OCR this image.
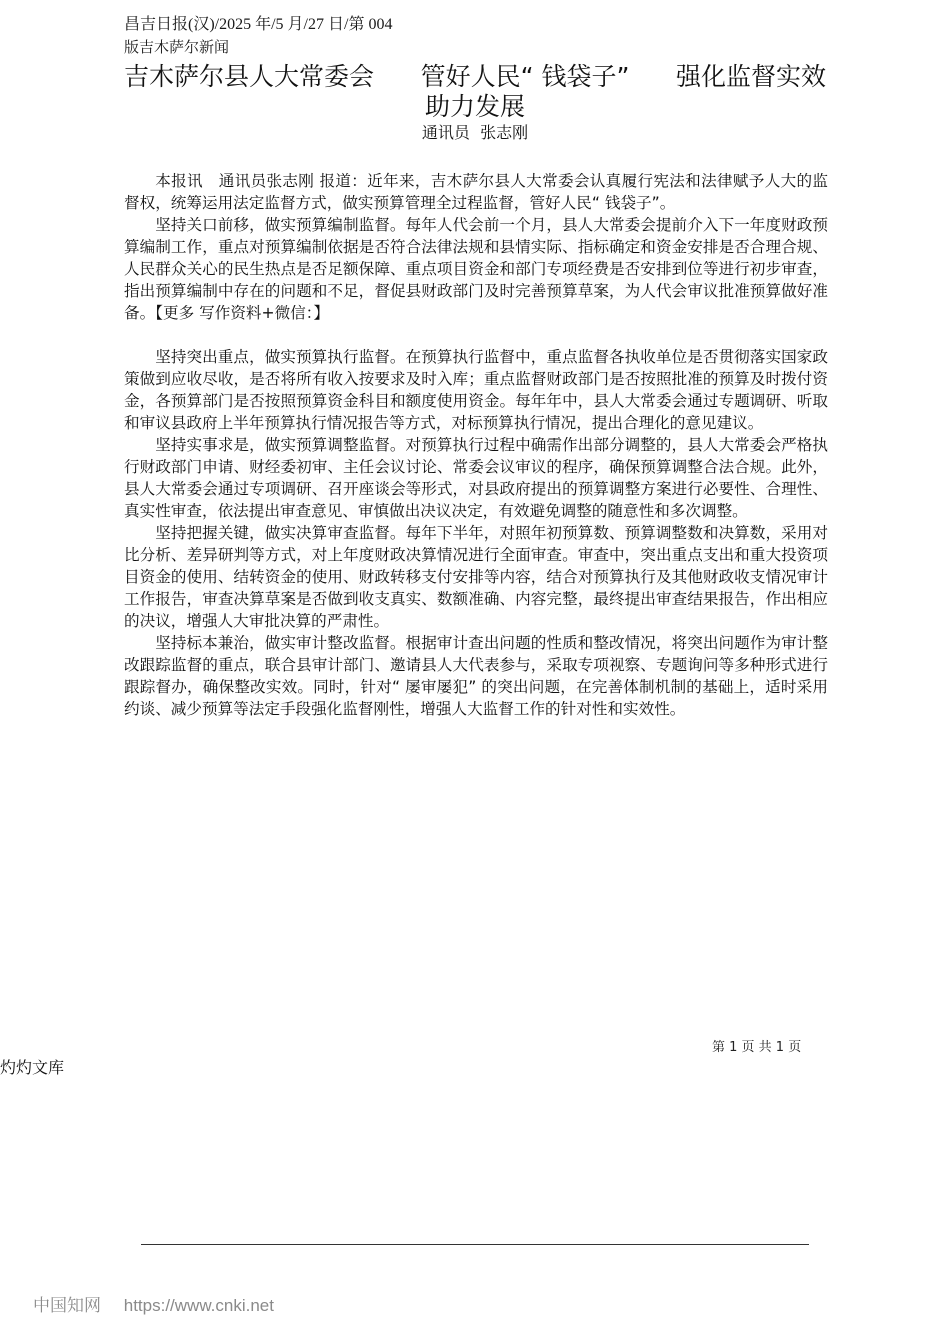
昌吉日报(汉)/2025 年/5 月/27 日/第 004
版吉木萨尔新闻
吉木萨尔县人大常委会 管好人民“ 钱袋子” 强化监督实效
助力发展
通讯员  张志刚

本报讯　通讯员张志刚 报道：近年来，吉木萨尔县人大常委会认真履行宪法和法律赋予人大的监督权，统筹运用法定监督方式，做实预算管理全过程监督，管好人民“ 钱袋子”。

坚持关口前移，做实预算编制监督。每年人代会前一个月，县人大常委会提前介入下一年度财政预算编制工作，重点对预算编制依据是否符合法律法规和县情实际、指标确定和资金安排是否合理合规、人民群众关心的民生热点是否足额保障、重点项目资金和部门专项经费是否安排到位等进行初步审查，指出预算编制中存在的问题和不足，督促县财政部门及时完善预算草案，为人代会审议批准预算做好准备。【更多 写作资料+微信：】

坚持突出重点，做实预算执行监督。在预算执行监督中，重点监督各执收单位是否贯彻落实国家政策做到应收尽收，是否将所有收入按要求及时入库；重点监督财政部门是否按照批准的预算及时拨付资金，各预算部门是否按照预算资金科目和额度使用资金。每年年中，县人大常委会通过专题调研、听取和审议县政府上半年预算执行情况报告等方式，对标预算执行情况，提出合理化的意见建议。

坚持实事求是，做实预算调整监督。对预算执行过程中确需作出部分调整的，县人大常委会严格执行财政部门申请、财经委初审、主任会议讨论、常委会议审议的程序，确保预算调整合法合规。此外，县人大常委会通过专项调研、召开座谈会等形式，对县政府提出的预算调整方案进行必要性、合理性、真实性审查，依法提出审查意见、审慎做出决议决定，有效避免调整的随意性和多次调整。

坚持把握关键，做实决算审查监督。每年下半年，对照年初预算数、预算调整数和决算数，采用对比分析、差异研判等方式，对上年度财政决算情况进行全面审查。审查中，突出重点支出和重大投资项目资金的使用、结转资金的使用、财政转移支付安排等内容，结合对预算执行及其他财政收支情况审计工作报告，审查决算草案是否做到收支真实、数额准确、内容完整，最终提出审查结果报告，作出相应的决议，增强人大审批决算的严肃性。

坚持标本兼治，做实审计整改监督。根据审计查出问题的性质和整改情况，将突出问题作为审计整改跟踪监督的重点，联合县审计部门、邀请县人大代表参与，采取专项视察、专题询问等多种形式进行跟踪督办，确保整改实效。同时，针对“ 屡审屡犯” 的突出问题，在完善体制机制的基础上，适时采用约谈、减少预算等法定手段强化监督刚性，增强人大监督工作的针对性和实效性。

第 1 页 共 1 页
灼灼文库
中国知网 https://www.cnki.net
